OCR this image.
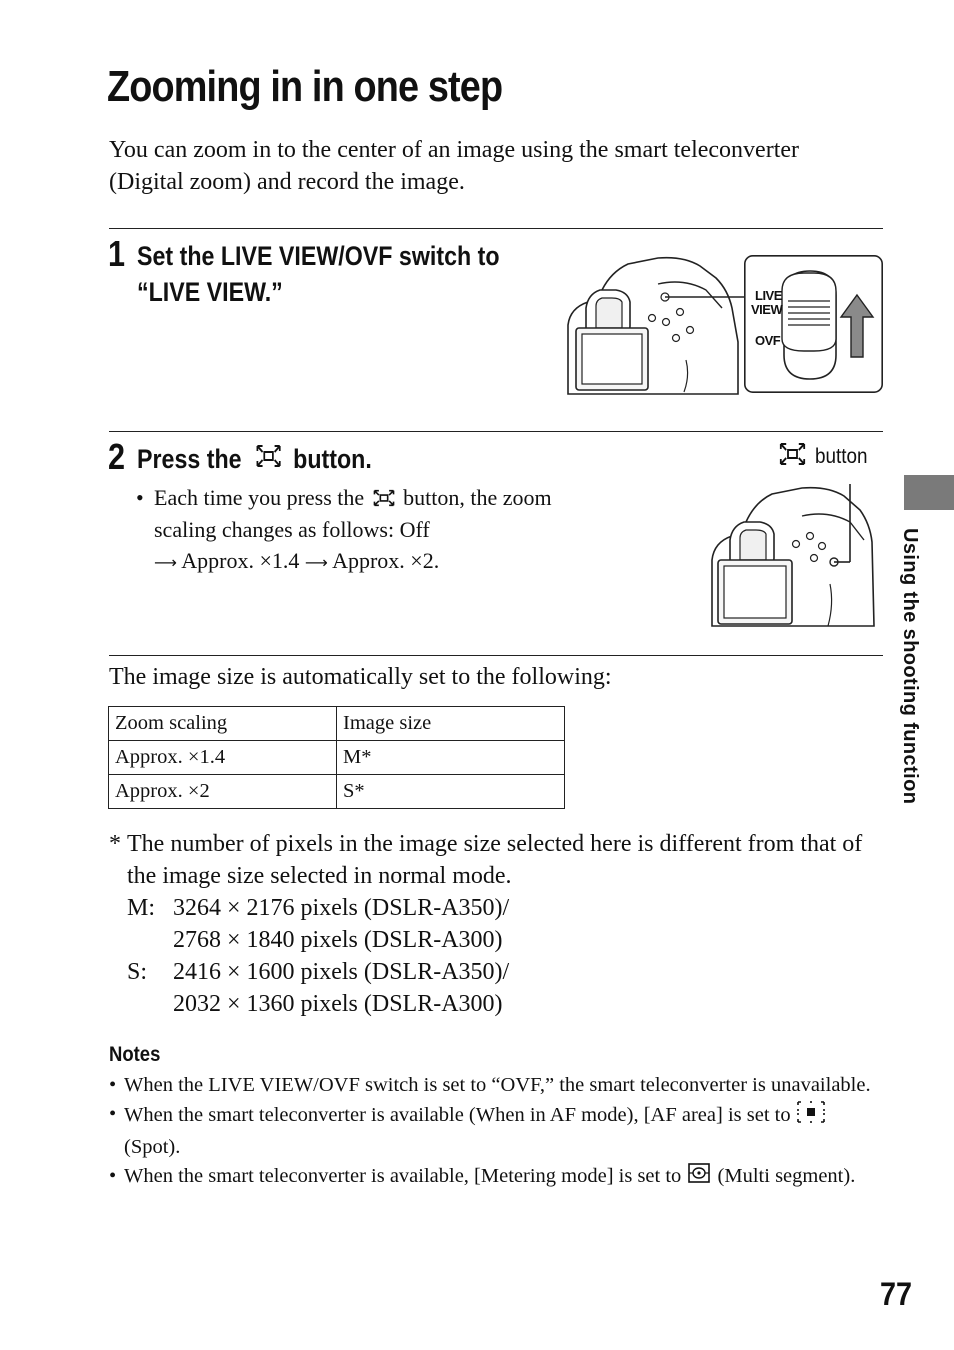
Zooming in in one step
You can zoom in to the center of an image using the smart teleconverter (Digital zoom) and record the image.
1 Set the LIVE VIEW/OVF switch to
“LIVE VIEW.”	LIVE
VIEW
OVF
2 Press the button.
• Each time you press the button, the zoom scaling changes as follows: Off
⟶ Approx. ×1.4 ⟶ Approx. ×2.
button
The image size is automatically set to the following:
Zoom scaling	Image size
Approx. ×1.4	M*
Approx. ×2	S*
* The number of pixels in the image size selected here is different from that of the image size selected in normal mode.
M: 3264 × 2176 pixels (DSLR-A350)/
2768 × 1840 pixels (DSLR-A300)
S:	2416 × 1600 pixels (DSLR-A350)/
2032 × 1360 pixels (DSLR-A300)
Notes
• When the LIVE VIEW/OVF switch is set to “OVF,” the smart teleconverter is unavailable.
• When the smart teleconverter is available (When in AF mode), [AF area] is set to  (Spot).
• When the smart teleconverter is available, [Metering mode] is set to (Multi segment).
Using the shooting function
77
